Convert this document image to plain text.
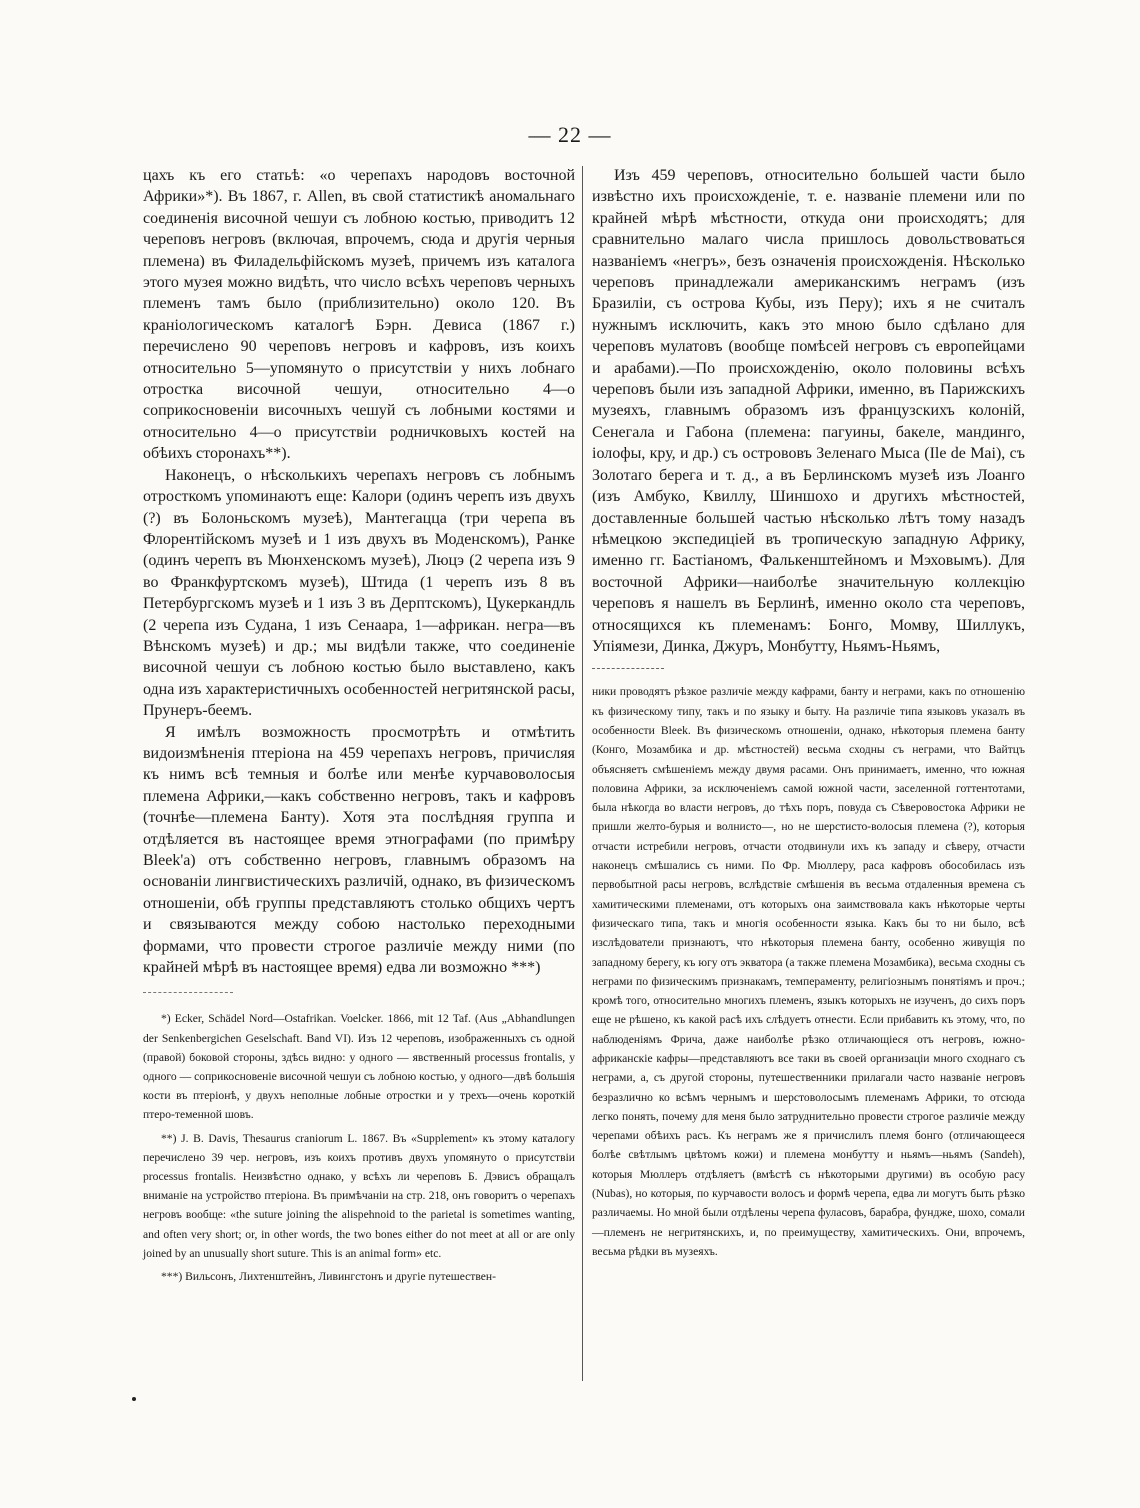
— 22 —

цахъ къ его статьѣ: «о черепахъ народовъ восточной Африки»*). Въ 1867, г. Allen, въ свой статистикѣ аномальнаго соединенія височной чешуи съ лобною костью, приводитъ 12 череповъ негровъ (включая, впрочемъ, сюда и другія черныя племена) въ Филадельфійскомъ музеѣ, причемъ изъ каталога этого музея можно видѣть, что число всѣхъ череповъ черныхъ племенъ тамъ было (приблизительно) около 120. Въ краніологическомъ каталогѣ Бэрн. Девиса (1867 г.) перечислено 90 череповъ негровъ и кафровъ, изъ коихъ относительно 5—упомянуто о присутствіи у нихъ лобнаго отростка височной чешуи, относительно 4—о соприкосновеніи височныхъ чешуй съ лобными костями и относительно 4—о присутствіи родничковыхъ костей на обѣихъ сторонахъ**).

Наконецъ, о нѣсколькихъ черепахъ негровъ съ лобнымъ отросткомъ упоминаютъ еще: Калори (одинъ черепъ изъ двухъ (?) въ Болоньскомъ музеѣ), Мантегацца (три черепа въ Флорентійскомъ музеѣ и 1 изъ двухъ въ Моденскомъ), Ранке (одинъ черепъ въ Мюнхенскомъ музеѣ), Люцэ (2 черепа изъ 9 во Франкфуртскомъ музеѣ), Штида (1 черепъ изъ 8 въ Петербургскомъ музеѣ и 1 изъ 3 въ Дерптскомъ), Цукеркандль (2 черепа изъ Судана, 1 изъ Сенаара, 1—африкан. негра—въ Вѣнскомъ музеѣ) и др.; мы видѣли также, что соединеніе височной чешуи съ лобною костью было выставлено, какъ одна изъ характеристичныхъ особенностей негритянской расы, Прунеръ-беемъ.

Я имѣлъ возможность просмотрѣть и отмѣтить видоизмѣненія птеріона на 459 черепахъ негровъ, причисляя къ нимъ всѣ темныя и болѣе или менѣе курчавоволосыя племена Африки,—какъ собственно негровъ, такъ и кафровъ (точнѣе—племена Банту). Хотя эта послѣдняя группа и отдѣляется въ настоящее время этнографами (по примѣру Bleek'а) отъ собственно негровъ, главнымъ образомъ на основаніи лингвистическихъ различій, однако, въ физическомъ отношеніи, обѣ группы представляютъ столько общихъ чертъ и связываются между собою настолько переходными формами, что провести строгое различіе между ними (по крайней мѣрѣ въ настоящее время) едва ли возможно ***)

*) Ecker, Schädel Nord—Ostafrikan. Voelcker. 1866, mit 12 Taf. (Aus „Abhandlungen der Senkenbergichen Geselschaft. Band VI). Изъ 12 череповъ, изображенныхъ съ одной (правой) боковой стороны, здѣсь видно: у одного — явственный processus frontalis, у одного — соприкосновеніе височной чешуи съ лобною костью, у одного—двѣ большія кости въ птеріонѣ, у двухъ неполные лобные отростки и у трехъ—очень короткій птеро-теменной шовъ.

**) J. B. Davis, Thesaurus craniorum L. 1867. Въ «Supplement» къ этому каталогу перечислено 39 чер. негровъ, изъ коихъ противъ двухъ упомянуто о присутствіи processus frontalis. Неизвѣстно однако, у всѣхъ ли череповъ Б. Дэвисъ обращалъ вниманіе на устройство птеріона. Въ примѣчаніи на стр. 218, онъ говоритъ о черепахъ негровъ вообще: «the suture joining the alispehnoid to the parietal is sometimes wanting, and often very short; or, in other words, the two bones either do not meet at all or are only joined by an unusually short suture. This is an animal form» etc.

***) Вильсонъ, Лихтенштейнъ, Ливингстонъ и другіе путешествен-

Изъ 459 череповъ, относительно большей части было извѣстно ихъ происхожденіе, т. е. названіе племени или по крайней мѣрѣ мѣстности, откуда они происходятъ; для сравнительно малаго числа пришлось довольствоваться названіемъ «негръ», безъ означенія происхожденія. Нѣсколько череповъ принадлежали американскимъ неграмъ (изъ Бразиліи, съ острова Кубы, изъ Перу); ихъ я не считалъ нужнымъ исключить, какъ это мною было сдѣлано для череповъ мулатовъ (вообще помѣсей негровъ съ европейцами и арабами).—По происхожденію, около половины всѣхъ череповъ были изъ западной Африки, именно, въ Парижскихъ музеяхъ, главнымъ образомъ изъ французскихъ колоній, Сенегала и Габона (племена: пагуины, бакеле, мандинго, іолофы, кру, и др.) съ острововъ Зеленаго Мыса (Ile de Mai), съ Золотаго берега и т. д., а въ Берлинскомъ музеѣ изъ Лоанго (изъ Амбуко, Квиллу, Шиншохо и другихъ мѣстностей, доставленные большей частью нѣсколько лѣтъ тому назадъ нѣмецкою экспедиціей въ тропическую западную Африку, именно гг. Бастіаномъ, Фалькенштейномъ и Мэховымъ). Для восточной Африки—наиболѣе значительную коллекцію череповъ я нашелъ въ Берлинѣ, именно около ста череповъ, относящихся къ племенамъ: Бонго, Момву, Шиллукъ, Упіямези, Динка, Джуръ, Монбутту, Ньямъ-Ньямъ,

ники проводятъ рѣзкое различіе между кафрами, банту и неграми, какъ по отношенію къ физическому типу, такъ и по языку и быту. На различіе типа языковъ указалъ въ особенности Bleek. Въ физическомъ отношеніи, однако, нѣкоторыя племена банту (Конго, Мозамбика и др. мѣстностей) весьма сходны съ неграми, что Вайтцъ объясняетъ смѣшеніемъ между двумя расами. Онъ принимаетъ, именно, что южная половина Африки, за исключеніемъ самой южной части, заселенной готтентотами, была нѣкогда во власти негровъ, до тѣхъ поръ, повуда съ Сѣверовостока Африки не пришли желто-бурыя и волнисто—, но не шерстисто-волосыя племена (?), которыя отчасти истребили негровъ, отчасти отодвинули ихъ къ западу и сѣверу, отчасти наконецъ смѣшались съ ними. По Фр. Мюллеру, раса кафровъ обособилась изъ первобытной расы негровъ, вслѣдствіе смѣшенія въ весьма отдаленныя времена съ хамитическими племенами, отъ которыхъ она заимствовала какъ нѣкоторые черты физическаго типа, такъ и многія особенности языка. Какъ бы то ни было, всѣ изслѣдователи признаютъ, что нѣкоторыя племена банту, особенно живущія по западному берегу, къ югу отъ экватора (а также племена Мозамбика), весьма сходны съ неграми по физическимъ признакамъ, темпераменту, религіознымъ понятіямъ и проч.; кромѣ того, относительно многихъ племенъ, языкъ которыхъ не изученъ, до сихъ поръ еще не рѣшено, къ какой расѣ ихъ слѣдуетъ отнести. Если прибавить къ этому, что, по наблюденіямъ Фрича, даже наиболѣе рѣзко отличающіеся отъ негровъ, южно-африканскіе кафры—представляютъ все таки въ своей организаціи много сходнаго съ неграми, а, съ другой стороны, путешественники прилагали часто названіе негровъ безразлично ко всѣмъ чернымъ и шерстоволосымъ племенамъ Африки, то отсюда легко понять, почему для меня было затруднительно провести строгое различіе между черепами обѣихъ расъ. Къ неграмъ же я причислилъ племя бонго (отличающееся болѣе свѣтлымъ цвѣтомъ кожи) и племена монбутту и ньямъ—ньямъ (Sandeh), которыя Мюллеръ отдѣляетъ (вмѣстѣ съ нѣкоторыми другими) въ особую расу (Nubas), но которыя, по курчавости волосъ и формѣ черепа, едва ли могутъ быть рѣзко различаемы. Но мной были отдѣлены черепа фуласовъ, барабра, фундже, шохо, сомали—племенъ не негритянскихъ, и, по преимуществу, хамитическихъ. Они, впрочемъ, весьма рѣдки въ музеяхъ.
